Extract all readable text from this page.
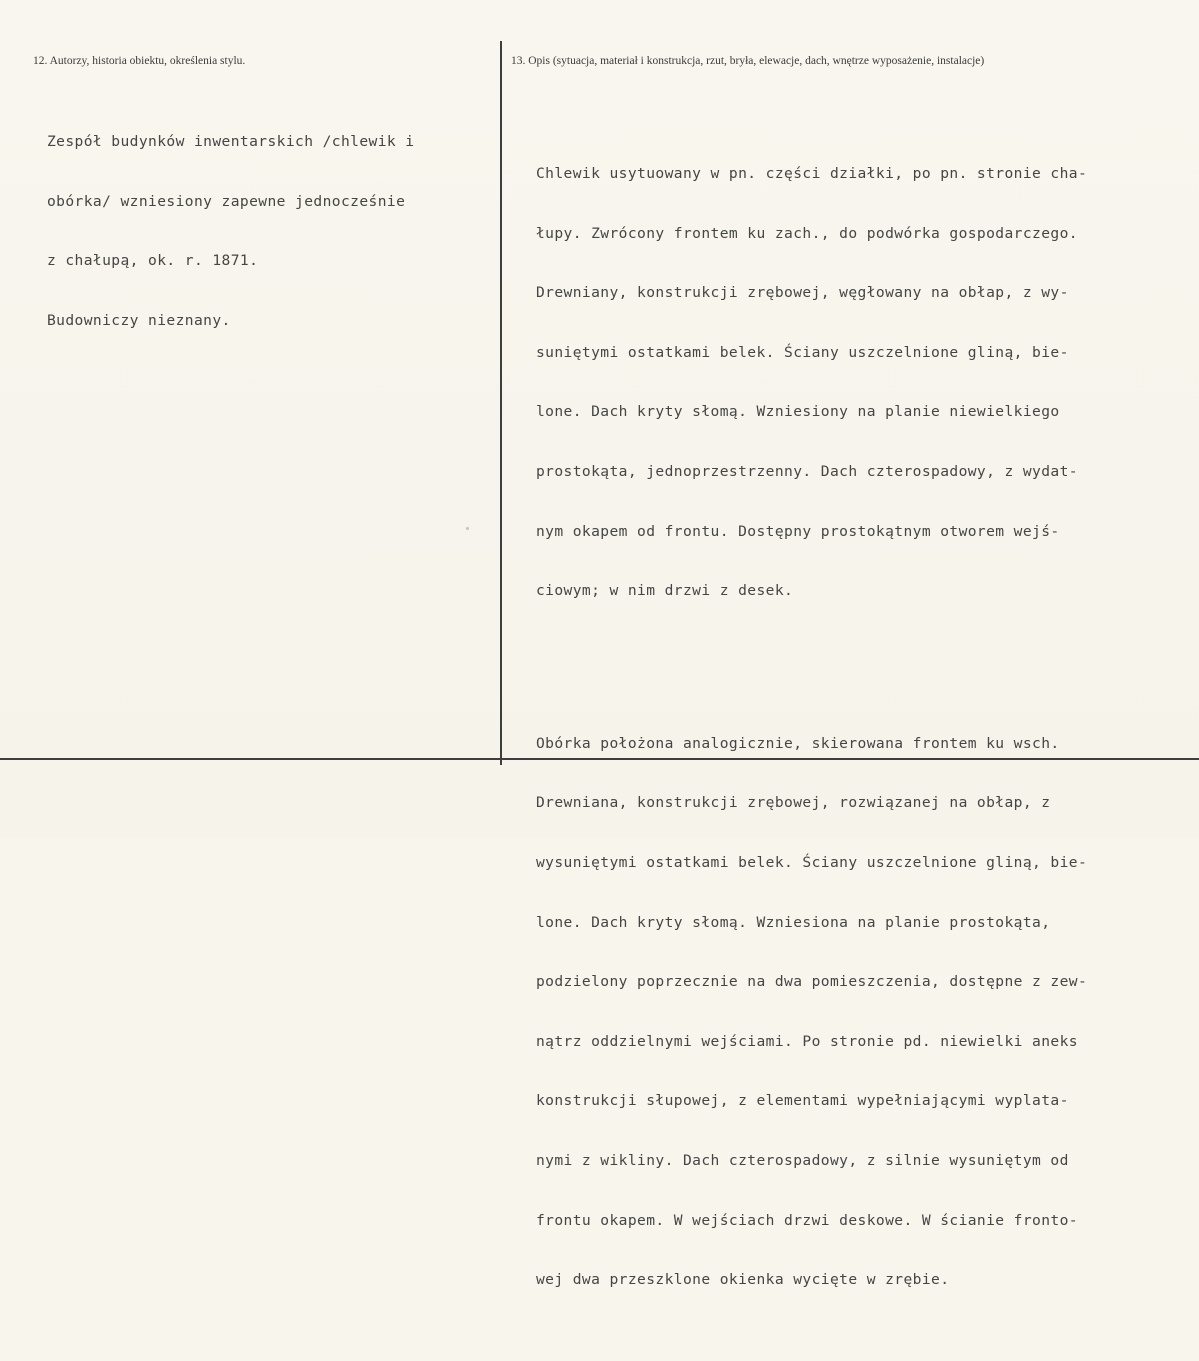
12. Autorzy, historia obiektu, określenia stylu.	13. Opis (sytuacja, materiał i konstrukcja, rzut, bryła, elewacje, dach, wnętrze wyposażenie, instalacje)

Zespół budynków inwentarskich /chlewik i

obórka/ wzniesiony zapewne jednocześnie

z chałupą, ok. r. 1871.

Budowniczy nieznany.

Chlewik usytuowany w pn. części działki, po pn. stronie cha-

łupy. Zwrócony frontem ku zach., do podwórka gospodarczego.

Drewniany, konstrukcji zrębowej, węgłowany na obłap, z wy-

suniętymi ostatkami belek. Ściany uszczelnione gliną, bie-

lone. Dach kryty słomą. Wzniesiony na planie niewielkiego

prostokąta, jednoprzestrzenny. Dach czterospadowy, z wydat-

nym okapem od frontu. Dostępny prostokątnym otworem wejś-

ciowym; w nim drzwi z desek.

Obórka położona analogicznie, skierowana frontem ku wsch.

Drewniana, konstrukcji zrębowej, rozwiązanej na obłap, z

wysuniętymi ostatkami belek. Ściany uszczelnione gliną, bie-

lone. Dach kryty słomą. Wzniesiona na planie prostokąta,

podzielony poprzecznie na dwa pomieszczenia, dostępne z zew-

nątrz oddzielnymi wejściami. Po stronie pd. niewielki aneks

konstrukcji słupowej, z elementami wypełniającymi wyplata-

nymi z wikliny. Dach czterospadowy, z silnie wysuniętym od

frontu okapem. W wejściach drzwi deskowe. W ścianie fronto-

wej dwa przeszklone okienka wycięte w zrębie.
